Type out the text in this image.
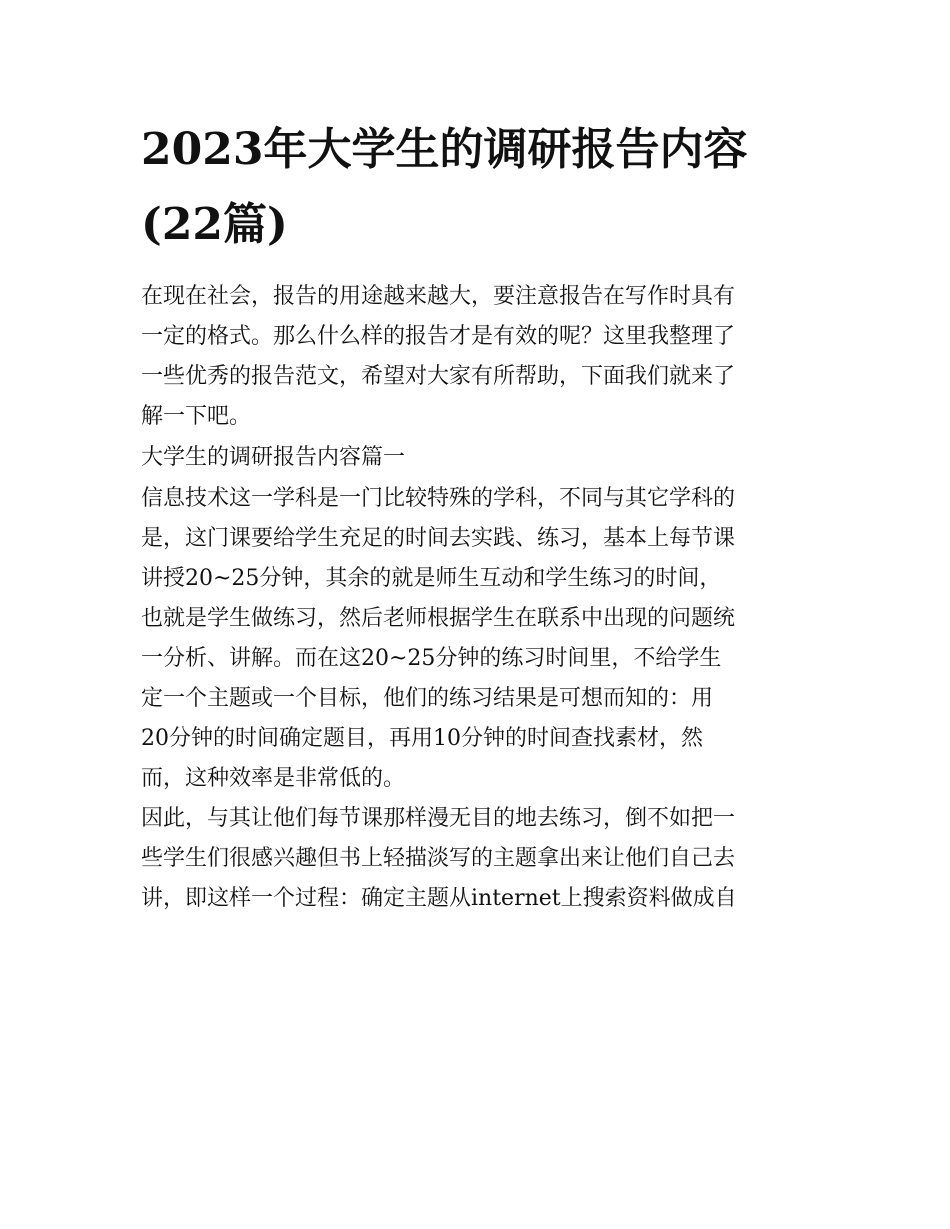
2023年大学生的调研报告内容
(22篇)

在现在社会，报告的用途越来越大，要注意报告在写作时具有
一定的格式。那么什么样的报告才是有效的呢？这里我整理了
一些优秀的报告范文，希望对大家有所帮助，下面我们就来了
解一下吧。

大学生的调研报告内容篇一

信息技术这一学科是一门比较特殊的学科，不同与其它学科的
是，这门课要给学生充足的时间去实践、练习，基本上每节课
讲授20~25分钟，其余的就是师生互动和学生练习的时间，
也就是学生做练习，然后老师根据学生在联系中出现的问题统
一分析、讲解。而在这20~25分钟的练习时间里，不给学生
定一个主题或一个目标，他们的练习结果是可想而知的：用
20分钟的时间确定题目，再用10分钟的时间查找素材，然
而，这种效率是非常低的。

因此，与其让他们每节课那样漫无目的地去练习，倒不如把一
些学生们很感兴趣但书上轻描淡写的主题拿出来让他们自己去
讲，即这样一个过程：确定主题从internet上搜索资料做成自
